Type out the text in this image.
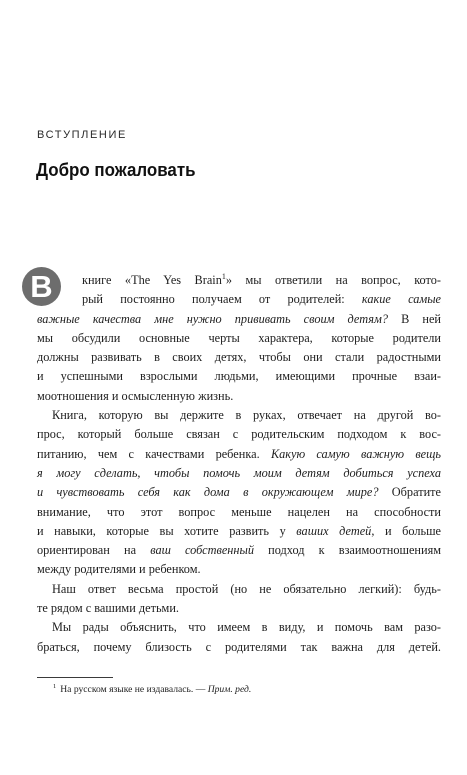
ВСТУПЛЕНИЕ
Добро пожаловать
В	книге «The Yes Brain$^1$» мы ответили на вопрос, кото-
рый постоянно получаем от родителей: какие самые
важные качества мне нужно прививать своим детям? В ней
мы обсудили основные черты характера, которые родители
должны развивать в своих детях, чтобы они стали радостными
и успешными взрослыми людьми, имеющими прочные взаи-
моотношения и осмысленную жизнь.
Книга, которую вы держите в руках, отвечает на другой во-
прос, который больше связан с родительским подходом к вос-
питанию, чем с качествами ребенка. Какую самую важную вещь
я могу сделать, чтобы помочь моим детям добиться успеха
и чувствовать себя как дома в окружающем мире? Обратите
внимание, что этот вопрос меньше нацелен на способности
и навыки, которые вы хотите развить у ваших детей, и больше
ориентирован на ваш собственный подход к взаимоотношениям
между родителями и ребенком.
Наш ответ весьма простой (но не обязательно легкий): будь-
те рядом с вашими детьми.
Мы рады объяснить, что имеем в виду, и помочь вам разо-
браться, почему близость с родителями так важна для детей.
$^1$ На русском языке не издавалась. — Прим. ред.
